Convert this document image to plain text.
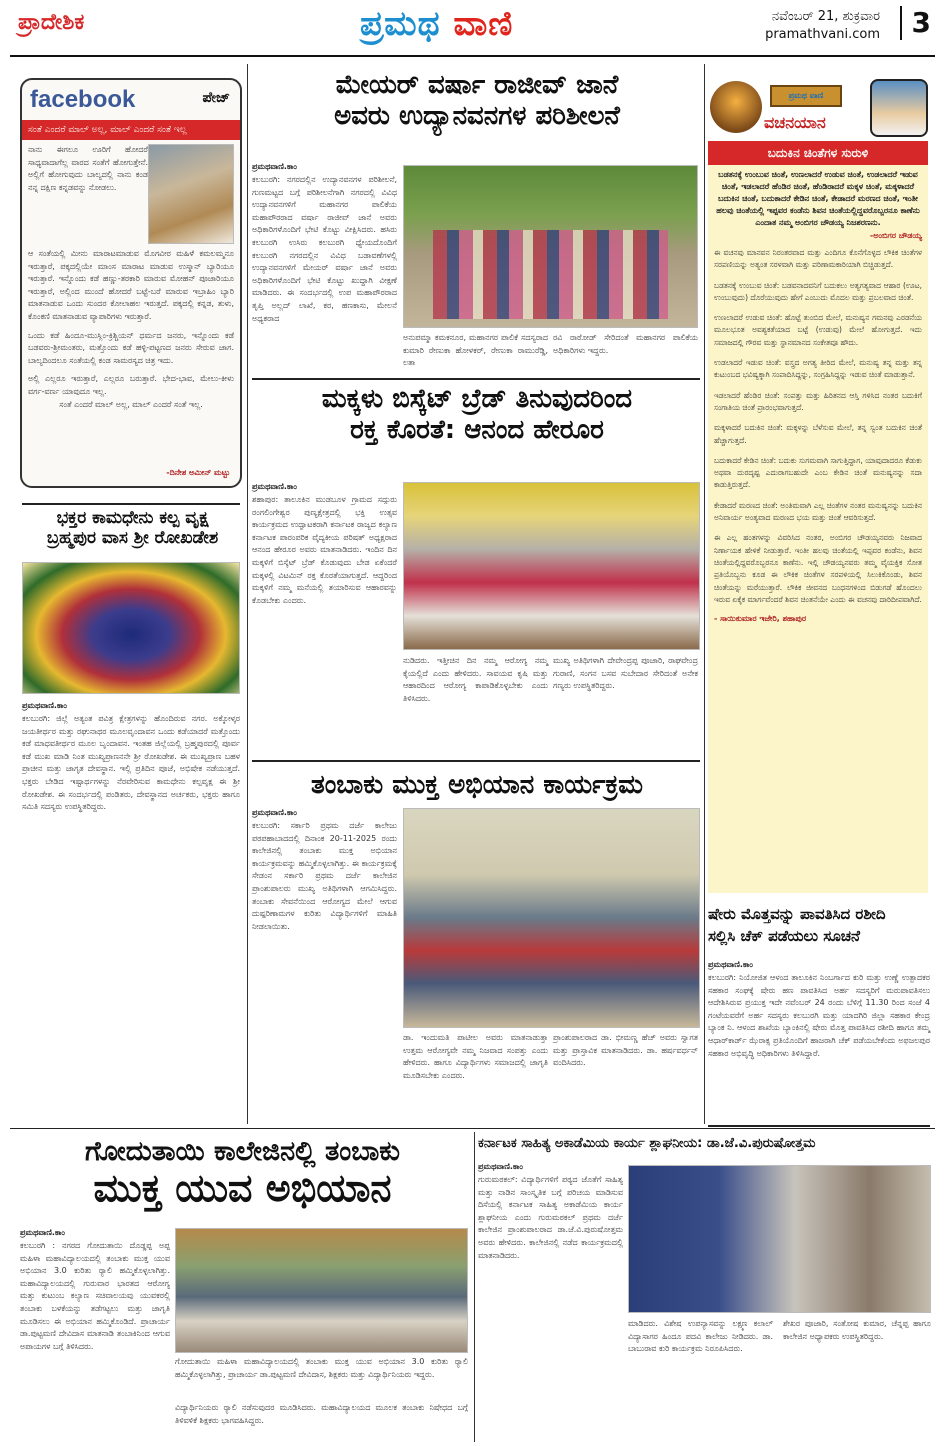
ಪ್ರಾದೇಶಿಕ	ಪ್ರಮಥ ವಾಣಿ	ನವೆಂಬರ್ 21, ಶುಕ್ರವಾರ
pramathvani.com	3
facebook	ಪೇಜ್
ಸಂತೆ ಎಂದರೆ ಮಾಲ್ ಅಲ್ಲ, ಮಾಲ್ ಎಂದರೆ ಸಂತೆ ಇಲ್ಲ
ನಾನು ಈಗಲೂ ಊರಿಗೆ ಹೋದರೆ ಸಾಧ್ಯವಾದಾಗೆಲ್ಲ ವಾರದ ಸಂತೆಗೆ ಹೋಗುತ್ತೇನೆ. ಅಲ್ಲಿಗೆ ಹೋಗುವುದು ಬಾಲ್ಯದಲ್ಲಿ ನಾನು ಕಂಡ ನನ್ನ ದಕ್ಷಿಣ ಕನ್ನಡವನ್ನು ನೋಡಲು.

ಆ ಸಂತೆಯಲ್ಲಿ ಮೀನು ಮಾರಾಟಮಾಡುವ ಮೊಗವೀರ ಮಹಿಳೆ ಕಮಲಮ್ಮನೂ ಇರುತ್ತಾರೆ, ಪಕ್ಕದಲ್ಲಿಯೇ ಮಾಂಸ ಮಾರಾಟ ಮಾಡುವ ಉಸ್ಮಾನ್ ಬ್ಯಾರಿಯೂ ಇರುತ್ತಾರೆ. ಇನ್ನೊಂದು ಕಡೆ ಹಣ್ಣು-ತರಕಾರಿ ಮಾರುವ ಮೋಹನ್ ಪೂಜಾರಿಯೂ ಇರುತ್ತಾರೆ, ಅಲ್ಲಿಂದ ಮುಂದೆ ಹೋದರೆ ಬಟ್ಟೆ-ಬರೆ ಮಾರುವ ಇಬ್ರಾಹಿಂ ಬ್ಯಾರಿ ಮಾತನಾಡುವ ಒಂದು ಸುಂದರ ಕೋಲಾಹಲ ಇರುತ್ತದೆ. ಪಕ್ಕದಲ್ಲಿ ಕನ್ನಡ, ತುಳು, ಕೊಂಕಣಿ ಮಾತನಾಡುವ ವ್ಯಾಪಾರಿಗಳು ಇರುತ್ತಾರೆ.

ಒಂದು ಕಡೆ ಹಿಂದೂ-ಮುಸ್ಲಿಂ-ಕ್ರಿಶ್ಚಿಯನ್ ಧರ್ಮದ ಜನರು, ಇನ್ನೊಂದು ಕಡೆ ಬಡವರು-ಶ್ರೀಮಂತರು, ಮತ್ತೊಂದು ಕಡೆ ಹಳ್ಳಿ-ಪಟ್ಟಣದ ಜನರು ಸೇರುವ ಜಾಗ. ಬಾಲ್ಯದಿಂದಲೂ ಸಂತೆಯಲ್ಲಿ ಕಂಡ ಸಾಮರಸ್ಯದ ಚಿತ್ರ ಇದು.

ಅಲ್ಲಿ ಎಲ್ಲರೂ ಇರುತ್ತಾರೆ, ಎಲ್ಲರೂ ಬರುತ್ತಾರೆ. ಭೇದ-ಭಾವ, ಮೇಲು-ಕೀಳು ವರ್ಗ-ವರ್ಣ ಯಾವುದೂ ಇಲ್ಲ.

ಸಂತೆ ಎಂದರೆ ಮಾಲ್ ಅಲ್ಲ, ಮಾಲ್ ಎಂದರೆ ಸಂತೆ ಇಲ್ಲ.

-ದಿನೇಶ ಅಮೀನ್ ಮಟ್ಟು
ಭಕ್ತರ ಕಾಮಧೇನು ಕಲ್ಪ ವೃಕ್ಷ
ಬ್ರಹ್ಮಪುರ ವಾಸ ಶ್ರೀ ರೋಖಡೇಶ
ಪ್ರಮಥವಾಣಿ.ಕಾಂ
ಕಲಬುರಗಿ: ಜಿಲ್ಲೆ ಅತ್ಯಂತ ಪವಿತ್ರ ಕ್ಷೇತ್ರಗಳನ್ನು ಹೊಂದಿರುವ ನಗರ. ಅಕ್ಕೋಳ್ಕರ ಜಯತೀರ್ಥರ ಮತ್ತು ರಘುನಾಥರ ಮೂಲವೃಂದಾವನ ಒಂದು ಕಡೆಯಾದರೆ ಮತ್ತೊಂದು ಕಡೆ ಮಾಧವತೀರ್ಥರ ಮೂಲ ಬೃಂದಾವನ. ಇಂತಹ ಜಿಲ್ಲೆಯಲ್ಲಿ ಬ್ರಹ್ಮಪುರದಲ್ಲಿ ಪೂರ್ವ ಕಡೆ ಮುಖ ಮಾಡಿ ನಿಂತ ಮುಖ್ಯಪ್ರಾಣನನೇ ಶ್ರೀ ರೋಖಡೇಶ. ಈ ಮುಖ್ಯಪ್ರಾಣ ಬಹಳ ಪ್ರಾಚೀನ ಮತ್ತು ಜಾಗೃತ ದೇವಸ್ಥಾನ. ಇಲ್ಲಿ ಪ್ರತಿದಿನ ಪೂಜೆ, ಅಭಿಷೇಕ ನಡೆಯುತ್ತದೆ. ಭಕ್ತರು ಬೇಡಿದ ಇಷ್ಟಾರ್ಥಗಳನ್ನು ನೆರವೇರಿಸುವ ಕಾಮಧೇನು ಕಲ್ಪವೃಕ್ಷ ಈ ಶ್ರೀ ರೋಖಡೇಶ. ಈ ಸಂದರ್ಭದಲ್ಲಿ ಪಂಡಿತರು, ದೇವಸ್ಥಾನದ ಅರ್ಚಕರು, ಭಕ್ತರು ಹಾಗೂ ಸಮಿತಿ ಸದಸ್ಯರು ಉಪಸ್ಥಿತರಿದ್ದರು.
ಮೇಯರ್ ವರ್ಷಾ ರಾಜೀವ್ ಜಾನೆ
ಅವರು ಉದ್ಯಾನವನಗಳ ಪರಿಶೀಲನೆ
ಪ್ರಮಥವಾಣಿ.ಕಾಂ
ಕಲಬುರಗಿ: ನಗರದಲ್ಲಿನ ಉದ್ಯಾನವನಗಳ ಪರಿಶೀಲನೆ, ಗುಣಮಟ್ಟದ ಬಗ್ಗೆ ಪರಿಶೀಲನೆಗಾಗಿ ನಗರದಲ್ಲಿ ವಿವಿಧ ಉದ್ಯಾನವನಗಳಿಗೆ ಮಹಾನಗರ ಪಾಲಿಕೆಯ ಮಹಾಪೌರರಾದ ವರ್ಷಾ ರಾಜೀವ್ ಜಾನೆ ಅವರು ಅಧಿಕಾರಿಗಳೊಂದಿಗೆ ಭೇಟಿ ಕೊಟ್ಟು ವೀಕ್ಷಿಸಿದರು. ಹಸಿರು ಕಲಬುರಗಿ ಉಸಿರು ಕಲಬುರಗಿ ಧ್ಯೇಯದೊಂದಿಗೆ ಕಲಬುರಗಿ ನಗರದಲ್ಲಿನ ವಿವಿಧ ಬಡಾವಣೆಗಳಲ್ಲಿ ಉದ್ಯಾನವನಗಳಿಗೆ ಮೇಯರ್ ವರ್ಷಾ ಜಾನೆ ಅವರು ಅಧಿಕಾರಿಗಳೊಂದಿಗೆ ಭೇಟಿ ಕೊಟ್ಟು ಖುದ್ದಾಗಿ ವೀಕ್ಷಣೆ ಮಾಡಿದರು. ಈ ಸಂದರ್ಭದಲ್ಲಿ ಉಪ ಮಹಾಪೌರರಾದ ತೃಪ್ತಿ ಅಲ್ಲದ್ ಲಾಖೆ, ಕರ, ಹಣಕಾಸು, ಮೇಲನೆ ಅಧ್ಯಕರಾದ
ಅನುಪಮ್ಮಾ ಕಮಕನೂರ, ಮಹಾನಗರ ಪಾಲಿಕೆ ಸದಸ್ಯರಾದ ಕುಮಾರಿ ರೇಣುಕಾ ಹೋಳಕರ್, ರೇಣುಕಾ ರಾಮುರೆಡ್ಡಿ, ಲತಾ
ರವಿ ರಾಠೋಡ್ ಸೇರಿದಂತೆ ಮಹಾನಗರ ಪಾಲಿಕೆಯ ಅಧಿಕಾರಿಗಳು ಇದ್ದರು.
ಮಕ್ಕಳು ಬಿಸ್ಕೆಟ್ ಬ್ರೆಡ್ ತಿನುವುದರಿಂದ
ರಕ್ತ ಕೊರತೆ: ಆನಂದ ಹೇರೂರ
ಪ್ರಮಥವಾಣಿ.ಕಾಂ
ಶಹಾಪುರ: ತಾಲೂಕಿನ ಮುಡಬೂಳ ಗ್ರಾಮದ ಸದ್ಗುರು ರಂಗಲಿಂಗೇಶ್ವರ ಪುಣ್ಯಕ್ಷೇತ್ರದಲ್ಲಿ ಭಕ್ತಿ ಉತ್ಸವ ಕಾರ್ಯಕ್ರಮದ ಉದ್ಘಾಟಕರಾಗಿ ಕರ್ನಾಟಕ ರಾಜ್ಯದ ಕಲ್ಯಾಣ ಕರ್ನಾಟಕ ಪಾರಂಪರಿಕ ವೈದ್ಯಕೀಯ ಪರಿಷತ್ ಅಧ್ಯಕ್ಷರಾದ ಆನಂದ ಹೇರೂರ ಅವರು ಮಾತನಾಡಿದರು. ಇಂದಿನ ದಿನ ಮಕ್ಕಳಿಗೆ ಬಿಸ್ಕೆಟ್ ಬ್ರೆಡ್ ಕೊಡುವುದು ಬೇಡ ಏಕೆಂದರೆ ಮಕ್ಕಳಲ್ಲಿ ವಿಟಮಿನ್ ರಕ್ತ ಕೊರತೆಯಾಗುತ್ತದೆ. ಆದ್ದರಿಂದ ಮಕ್ಕಳಿಗೆ ನಮ್ಮ ಮನೆಯಲ್ಲಿ ತಯಾರಿಸುವ ಆಹಾರವನ್ನು ಕೊಡಬೇಕು ಎಂದರು.
ನುಡಿದರು. ಇತ್ತೀಚಿನ ದಿನ ನಮ್ಮ ಆರೋಗ್ಯ ನಮ್ಮ ಕೈಯಲ್ಲಿದೆ ಎಂದು ಹೇಳಿದರು. ಸಾವಯವ ಕೃಷಿ ಮತ್ತು ಆಹಾರದಿಂದ ಆರೋಗ್ಯ ಕಾಪಾಡಿಕೊಳ್ಳಬೇಕು ಎಂದು ತಿಳಿಸಿದರು.
ಮುಖ್ಯ ಅತಿಥಿಗಳಾಗಿ ದೇವೇಂದ್ರಪ್ಪ ಪೂಜಾರಿ, ರಾಘವೇಂದ್ರ ಗುರಾಣಿ, ಸಂಗನ ಬಸವ ಸುಬೇದಾರ ಸೇರಿದಂತೆ ಅನೇಕ ಗಣ್ಯರು ಉಪಸ್ಥಿತರಿದ್ದರು.
ತಂಬಾಕು ಮುಕ್ತ ಅಭಿಯಾನ ಕಾರ್ಯಕ್ರಮ
ಪ್ರಮಥವಾಣಿ.ಕಾಂ
ಕಲಬುರಗಿ: ಸರ್ಕಾರಿ ಪ್ರಥಮ ದರ್ಜೆ ಕಾಲೇಜು ಪಠಪಹಾಬಾದದಲ್ಲಿ ದಿನಾಂಕ 20-11-2025 ರಂದು ಕಾಲೇಜಿನಲ್ಲಿ ತಂಬಾಕು ಮುಕ್ತ ಅಭಿಯಾನ ಕಾರ್ಯಕ್ರಮವನ್ನು ಹಮ್ಮಿಕೊಳ್ಳಲಾಗಿತ್ತು. ಈ ಕಾರ್ಯಕ್ರಮಕ್ಕೆ ಸೇಡಂನ ಸರ್ಕಾರಿ ಪ್ರಥಮ ದರ್ಜೆ ಕಾಲೇಜಿನ ಪ್ರಾಂಶುಪಾಲರು ಮುಖ್ಯ ಅತಿಥಿಗಳಾಗಿ ಆಗಮಿಸಿದ್ದರು. ತಂಬಾಕು ಸೇವನೆಯಿಂದ ಆರೋಗ್ಯದ ಮೇಲೆ ಆಗುವ ದುಷ್ಪರಿಣಾಮಗಳ ಕುರಿತು ವಿದ್ಯಾರ್ಥಿಗಳಿಗೆ ಮಾಹಿತಿ ನೀಡಲಾಯಿತು.
ಡಾ. ಇಂದುಮತಿ ಪಾಟೀಲ ಅವರು ಮಾತನಾಡುತ್ತಾ ಉತ್ತಮ ಆರೋಗ್ಯವೇ ನಮ್ಮ ನಿಜವಾದ ಸಂಪತ್ತು ಎಂದು ಹೇಳಿದರು. ಹಾಗೂ ವಿದ್ಯಾರ್ಥಿಗಳು ಸಮಾಜದಲ್ಲಿ ಜಾಗೃತಿ ಮೂಡಿಸಬೇಕು ಎಂದರು.
ಪ್ರಾಂಶುಪಾಲರಾದ ಡಾ. ಭೀಮಣ್ಣ ಹೆಚ್ ಅವರು ಸ್ವಾಗತ ಮತ್ತು ಪ್ರಾಸ್ತಾವಿಕ ಮಾತನಾಡಿದರು. ಡಾ. ಹರ್ಷವರ್ಧನ್ ವಂದಿಸಿದರು.
ಪ್ರಮಥ ವಾಣಿ
ವಚನಯಾನ
ಬದುಕಿನ ಚಿಂತೆಗಳ ಸುರುಳಿ
ಬಡತನಕ್ಕೆ ಉಂಬುವ ಚಿಂತೆ, ಉಣಲಾದರೆ ಉಡುವ ಚಿಂತೆ, ಉಡಲಾದರೆ ಇಡುವ ಚಿಂತೆ, ಇಡಲಾದರೆ ಹೆಂಡಿರ ಚಿಂತೆ, ಹೆಂಡಿರಾದರೆ ಮಕ್ಕಳ ಚಿಂತೆ, ಮಕ್ಕಳಾದರೆ ಬದುಕಿನ ಚಿಂತೆ, ಬದುಕಾದರೆ ಕೇಡಿನ ಚಿಂತೆ, ಕೇಡಾದರೆ ಮರಣದ ಚಿಂತೆ, ಇಂತೀ ಹಲವು ಚಿಂತೆಯಲ್ಲಿ ಇಪ್ಪವರ ಕಂಡೆನು ಶಿವನ ಚಿಂತೆಯಲ್ಲಿದ್ದವರೊಬ್ಬರನೂ ಕಾಣೆನು ಎಂದಾತ ನಮ್ಮ ಅಂಬಿಗರ ಚೌಡಯ್ಯ ನಿಜಶರಣನು.
-ಅಂಬಿಗರ ಚೌಡಯ್ಯ
ಈ ವಚನವು ಮಾನವನ ನಿರಂತರವಾದ ಮತ್ತು ಎಂದಿಗೂ ಕೊನೆಗೊಳ್ಳದ ಲೌಕಿಕ ಚಿಂತೆಗಳ ಸರಪಣಿಯನ್ನು ಅತ್ಯಂತ ಸರಳವಾಗಿ ಮತ್ತು ಪರಿಣಾಮಕಾರಿಯಾಗಿ ಬಿಚ್ಚಿಡುತ್ತದೆ.
ಬಡತನಕ್ಕೆ ಉಂಬುವ ಚಿಂತೆ: ಬಡವನಾದವನಿಗೆ ಬದುಕಲು ಅತ್ಯಗತ್ಯವಾದ ಆಹಾರ (ಊಟ, ಉಂಬುವುದು) ದೊರೆಯುವುದು ಹೇಗೆ ಎಂಬುದು ಮೊದಲ ಮತ್ತು ಪ್ರಬಲವಾದ ಚಿಂತೆ.
ಉಣಲಾದರೆ ಉಡುವ ಚಿಂತೆ: ಹೊಟ್ಟೆ ತುಂಬಿದ ಮೇಲೆ, ಮನುಷ್ಯನ ಗಮನವು ಎರಡನೆಯ ಮೂಲಭೂತ ಅವಶ್ಯಕತೆಯಾದ ಬಟ್ಟೆ (ಉಡುವು) ಮೇಲೆ ಹೋಗುತ್ತದೆ. ಇದು ಸಮಾಜದಲ್ಲಿ ಗೌರವ ಮತ್ತು ಸ್ಥಾನಮಾನದ ಸಂಕೇತವೂ ಹೌದು.
ಉಡಲಾದರೆ ಇಡುವ ಚಿಂತೆ: ವಸ್ತ್ರದ ಅಗತ್ಯ ತೀರಿದ ಮೇಲೆ, ಮನುಷ್ಯ ತನ್ನ ಮತ್ತು ತನ್ನ ಕುಟುಂಬದ ಭವಿಷ್ಯಕ್ಕಾಗಿ ಸಂಪಾದಿಸಿದ್ದನ್ನು, ಸಂಗ್ರಹಿಸಿದ್ದನ್ನು ಇಡುವ ಚಿಂತೆ ಮಾಡುತ್ತಾನೆ.
ಇಡಲಾದರೆ ಹೆಂಡಿರ ಚಿಂತೆ: ಸಂಪತ್ತು ಮತ್ತು ಹಿರಿತನದ ಆಸ್ತಿ ಗಳಿಸಿದ ನಂತರ ಬದುಕಿಗೆ ಸಂಗಾತಿಯ ಚಿಂತೆ ಪ್ರಾರಂಭವಾಗುತ್ತದೆ.
ಮಕ್ಕಳಾದರೆ ಬದುಕಿನ ಚಿಂತೆ: ಮಕ್ಕಳನ್ನು ಬೆಳೆಸುವ ಮೇಲೆ, ತನ್ನ ಸ್ವಂತ ಬದುಕಿನ ಚಿಂತೆ ಹೆಚ್ಚಾಗುತ್ತದೆ.
ಬದುಕಾದರೆ ಕೇಡಿನ ಚಿಂತೆ: ಬದುಕು ಸುಗಮವಾಗಿ ಸಾಗುತ್ತಿದ್ದಾಗ, ಯಾವುದಾದರೂ ಕೆಡುಕು ಅಥವಾ ದುರದೃಷ್ಟ ಎದುರಾಗಬಹುದೇ ಎಂಬ ಕೇಡಿನ ಚಿಂತೆ ಮನುಷ್ಯನನ್ನು ಸದಾ ಕಾಡುತ್ತಿರುತ್ತದೆ.
ಕೇಡಾದರೆ ಮರಣದ ಚಿಂತೆ: ಅಂತಿಮವಾಗಿ ಎಲ್ಲ ಚಿಂತೆಗಳ ನಂತರ ಮನುಷ್ಯನನ್ನು ಬದುಕಿನ ಅನಿವಾರ್ಯ ಅಂತ್ಯವಾದ ಮರಣದ ಭಯ ಮತ್ತು ಚಿಂತೆ ಆವರಿಸುತ್ತದೆ.
ಈ ಎಲ್ಲ ಹಂತಗಳನ್ನು ವಿವರಿಸಿದ ನಂತರ, ಅಂಬಿಗರ ಚೌಡಯ್ಯನವರು ನಿಜವಾದ ನಿರ್ಣಾಯಕ ಹೇಳಿಕೆ ನೀಡುತ್ತಾರೆ. ಇಂತೀ ಹಲವು ಚಿಂತೆಯಲ್ಲಿ ಇಪ್ಪವರ ಕಂಡೆನು, ಶಿವನ ಚಿಂತೆಯಲ್ಲಿದ್ದವರೊಬ್ಬರನೂ ಕಾಣೆನು. ಇಲ್ಲಿ ಚೌಡಯ್ಯನವರು ತಮ್ಮ ವೈಯಕ್ತಿಕ ಸೋತ ಪ್ರತಿಯೊಬ್ಬನು ಕೂಡ ಈ ಲೌಕಿಕ ಚಿಂತೆಗಳ ಸರಪಳಿಯಲ್ಲಿ ಸಿಲುಕಿಕೊಂಡು, ಶಿವನ ಚಿಂತೆಯನ್ನು ಮರೆಯುತ್ತಾರೆ. ಲೌಕಿಕ ಜೀವನದ ಬಂಧನಗಳಿಂದ ಬಿಡುಗಡೆ ಹೊಂದಲು ಇರುವ ಏಕೈಕ ಮಾರ್ಗವೆಂದರೆ ಶಿವನ ಚಿಂತನೆಯೇ ಎಂದು ಈ ವಚನವು ದಾರಿದೀಪವಾಗಿದೆ.
- ಸಾಯಿಕುಮಾರ ಇಜೇರಿ, ಶಹಾಪುರ
ಷೇರು ಮೊತ್ತವನ್ನು ಪಾವತಿಸಿದ ರಶೀದಿ
ಸಲ್ಲಿಸಿ ಚೆಕ್ ಪಡೆಯಲು ಸೂಚನೆ
ಪ್ರಮಥವಾಣಿ.ಕಾಂ
ಕಲಬುರಗಿ: ನಿಯೋಜಿತ ಆಳಂದ ತಾಲೂಕಿನ ನಿಂಬರ್ಗಾದ ಕುರಿ ಮತ್ತು ಉಣ್ಣೆ ಉತ್ಪಾದಕರ ಸಹಕಾರ ಸಂಘಕ್ಕೆ ಷೇರು ಹಣ ಪಾವತಿಸಿದ ಅರ್ಹ ಸದಸ್ಯರಿಗೆ ಮರುಪಾವತಿಸಲು ಆದೇಶಿಸಿರುವ ಪ್ರಯುಕ್ತ ಇದೇ ನವೆಂಬರ್ 24 ರಂದು ಬೆಳಿಗ್ಗೆ 11.30 ರಿಂದ ಸಂಜೆ 4 ಗಂಟೆಯವರೆಗೆ ಅರ್ಹ ಸದಸ್ಯರು ಕಲಬುರಗಿ ಮತ್ತು ಯಾದಗಿರಿ ಜಿಲ್ಲಾ ಸಹಕಾರ ಕೇಂದ್ರ ಬ್ಯಾಂಕ ನಿ. ಆಳಂದ ಶಾಖೆಯ ಬ್ಯಾಂಕಿನಲ್ಲಿ ಷೇರು ಮೊತ್ತ ಪಾವತಿಸಿದ ರಶೀದಿ ಹಾಗೂ ತಮ್ಮ ಆಧಾರ್‌ಕಾರ್ಡ್ ಝೆರಾಕ್ಸ ಪ್ರತಿಯೊಂದಿಗೆ ಹಾಜರಾಗಿ ಚೆಕ್ ಪಡೆಯಬೇಕೆಂದು ಅಫಜಲಪುರ ಸಹಕಾರ ಅಭಿವೃದ್ಧಿ ಅಧಿಕಾರಿಗಳು ತಿಳಿಸಿದ್ದಾರೆ.
ಗೋದುತಾಯಿ ಕಾಲೇಜಿನಲ್ಲಿ ತಂಬಾಕು
ಮುಕ್ತ ಯುವ ಅಭಿಯಾನ
ಪ್ರಮಥವಾಣಿ.ಕಾಂ
ಕಲಬುರಗಿ : ನಗರದ ಗೋದುತಾಯಿ ದೊಡ್ಡಪ್ಪ ಅಪ್ಪ ಮಹಿಳಾ ಮಹಾವಿದ್ಯಾಲಯದಲ್ಲಿ ತಂಬಾಕು ಮುಕ್ತ ಯುವ ಅಭಿಯಾನ 3.0 ಕುರಿತು ರ್‍ಯಾಲಿ ಹಮ್ಮಿಕೊಳ್ಳಲಾಗಿತ್ತು. ಮಹಾವಿದ್ಯಾಲಯದಲ್ಲಿ ಗುರುವಾರ ಭಾರತದ ಆರೋಗ್ಯ ಮತ್ತು ಕುಟುಂಬ ಕಲ್ಯಾಣ ಸಚಿವಾಲಯವು ಯುವಕರಲ್ಲಿ ತಂಬಾಕು ಬಳಕೆಯನ್ನು ತಡೆಗಟ್ಟಲು ಮತ್ತು ಜಾಗೃತಿ ಮೂಡಿಸಲು ಈ ಅಭಿಯಾನ ಹಮ್ಮಿಕೊಂಡಿದೆ. ಪ್ರಾಚಾರ್ಯ ಡಾ.ಪುಟ್ಟಮಣಿ ದೇವಿದಾಸ ಮಾತನಾಡಿ ತಂಬಾಕಿನಿಂದ ಆಗುವ ಅಪಾಯಗಳ ಬಗ್ಗೆ ತಿಳಿಸಿದರು.
ಗೋದುತಾಯಿ ಮಹಿಳಾ ಮಹಾವಿದ್ಯಾಲಯದಲ್ಲಿ ತಂಬಾಕು ಮುಕ್ತ ಯುವ ಅಭಿಯಾನ 3.0 ಕುರಿತು ರ್‍ಯಾಲಿ ಹಮ್ಮಿಕೊಳ್ಳಲಾಗಿತ್ತು, ಪ್ರಾಚಾರ್ಯ ಡಾ.ಪುಟ್ಟಮಣಿ ದೇವಿದಾಸ, ಶಿಕ್ಷಕರು ಮತ್ತು ವಿದ್ಯಾರ್ಥಿನಿಯರು ಇದ್ದರು.
ವಿದ್ಯಾರ್ಥಿನಿಯರು ರ್‍ಯಾಲಿ ನಡೆಸುವುದರ ಮೂಡಿಸಿದರು. ಮಹಾವಿದ್ಯಾಲಯದ ಮೂಲಕ ತಂಬಾಕು ನಿಷೇಧದ ಬಗ್ಗೆ ತಿಳಿವಳಿಕೆ ಶಿಕ್ಷಕರು ಭಾಗವಹಿಸಿದ್ದರು.
ಕರ್ನಾಟಕ ಸಾಹಿತ್ಯ ಅಕಾಡೆಮಿಯ ಕಾರ್ಯ ಶ್ಲಾಘನೀಯ: ಡಾ.ಜೆ.ವಿ.ಪುರುಷೋತ್ತಮ
ಪ್ರಮಥವಾಣಿ.ಕಾಂ
ಗುರುಮಠಕಲ್: ವಿದ್ಯಾರ್ಥಿಗಳಿಗೆ ಪಠ್ಯದ ಜೊತೆಗೆ ಸಾಹಿತ್ಯ ಮತ್ತು ನಾಡಿನ ಸಾಂಸ್ಕೃತಿಕ ಬಗ್ಗೆ ಪರಿಚಯ ಮಾಡಿಸುವ ದಿಸೆಯಲ್ಲಿ ಕರ್ನಾಟಕ ಸಾಹಿತ್ಯ ಅಕಾಡೆಮಿಯ ಕಾರ್ಯ ಶ್ಲಾಘನೀಯ ಎಂದು ಗುರುಮಠಕಲ್ ಪ್ರಥಮ ದರ್ಜೆ ಕಾಲೇಜಿನ ಪ್ರಾಂಶುಪಾಲರಾದ ಡಾ.ಜೆ.ವಿ.ಪುರುಷೋತ್ತಮ ಅವರು ಹೇಳಿದರು. ಕಾಲೇಜಿನಲ್ಲಿ ನಡೆದ ಕಾರ್ಯಕ್ರಮದಲ್ಲಿ ಮಾತನಾಡಿದರು.
ಮಾಡಿದರು. ವಿಶೇಷ ಉಪನ್ಯಾಸವನ್ನು ಲಕ್ಷ್ಮಣ ಕಲಾಲ್ ವಿದ್ಯಾಸಾಗರ ಹಿಂದೂ ಪದವಿ ಕಾಲೇಜು ನೀಡಿದರು. ಡಾ. ಬಾಬುರಾವ ಕುರಿ ಕಾರ್ಯಕ್ರಮ ನಿರೂಪಿಸಿದರು.
ಶೇಖರ ಪೂಜಾರಿ, ಸಂತೋಷ ಕುಮಾರ, ಚೆನ್ನಪ್ಪ ಹಾಗೂ ಕಾಲೇಜಿನ ಅಧ್ಯಾಪಕರು ಉಪಸ್ಥಿತರಿದ್ದರು.
